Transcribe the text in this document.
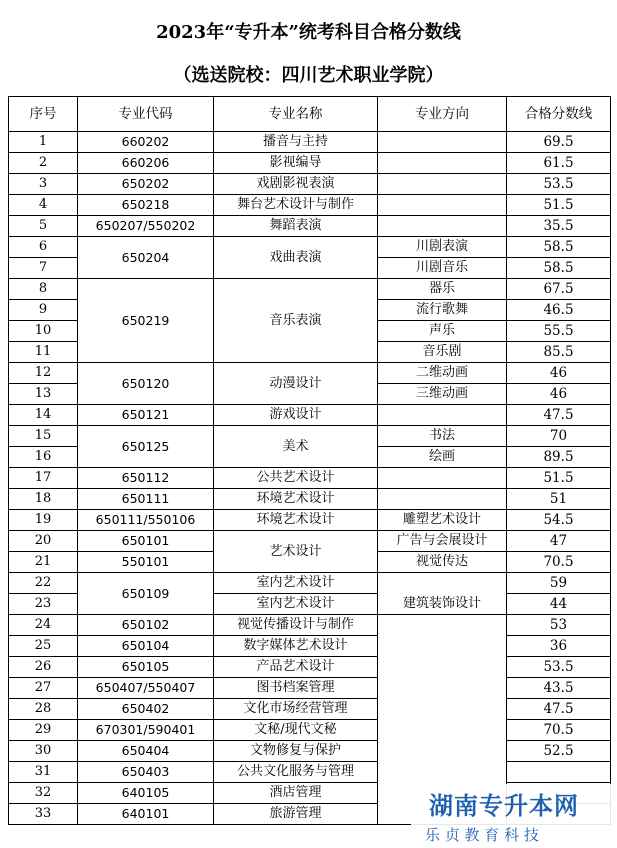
2023年“专升本”统考科目合格分数线
（选送院校：四川艺术职业学院）
序号	专业代码	专业名称	专业方向	合格分数线
1	660202	播音与主持		69.5
2	660206	影视编导		61.5
3	650202	戏剧影视表演		53.5
4	650218	舞台艺术设计与制作		51.5
5	650207/550202	舞蹈表演		35.5
6	650204	戏曲表演	川剧表演	58.5
7			川剧音乐	58.5
8	650219	音乐表演	器乐	67.5
9			流行歌舞	46.5
10			声乐	55.5
11			音乐剧	85.5
12	650120	动漫设计	二维动画	46
13			三维动画	46
14	650121	游戏设计		47.5
15	650125	美术	书法	70
16			绘画	89.5
17	650112	公共艺术设计		51.5
18	650111	环境艺术设计		51
19	650111/550106	环境艺术设计	雕塑艺术设计	54.5
20	650101	艺术设计	广告与会展设计	47
21	550101		视觉传达	70.5
22	650109	室内艺术设计	建筑装饰设计	59
23		室内艺术设计		44
24	650102	视觉传播设计与制作		53
25	650104	数字媒体艺术设计		36
26	650105	产品艺术设计		53.5
27	650407/550407	图书档案管理		43.5
28	650402	文化市场经营管理		47.5
29	670301/590401	文秘/现代文秘		70.5
30	650404	文物修复与保护		52.5
31	650403	公共文化服务与管理		
32	640105	酒店管理		
33	640101	旅游管理			湖南专升本网
乐 贞 教 育 科 技
